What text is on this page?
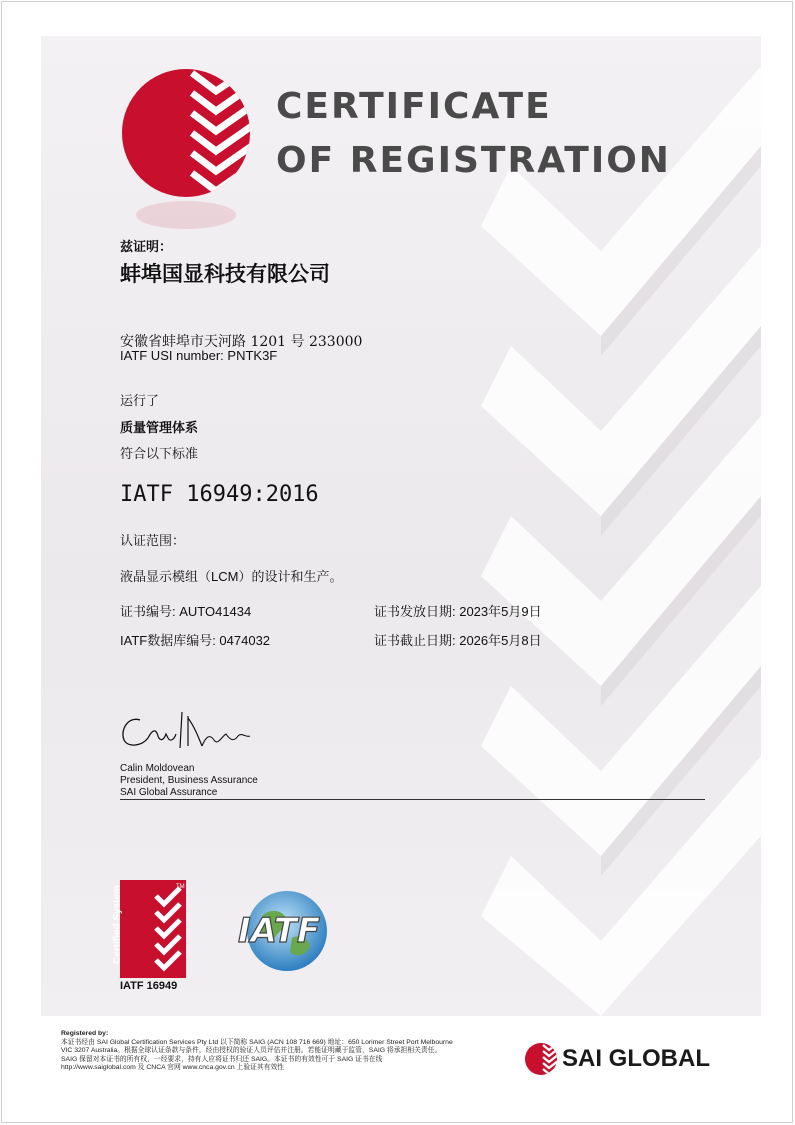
CERTIFICATE
OF REGISTRATION
兹证明：
蚌埠国显科技有限公司
安徽省蚌埠市天河路 1201 号 233000
IATF USI number: PNTK3F
运行了
质量管理体系
符合以下标准
IATF 16949:2016
认证范围：
液晶显示模组（LCM）的设计和生产。
证书编号: AUTO41434	证书发放日期: 2023年5月9日
IATF数据库编号: 0474032	证书截止日期: 2026年5月8日
Calin Moldovean
President, Business Assurance
SAI Global Assurance
Certified System	TM
IATF 16949
IATF
Registered by:
本证书经由 SAI Global Certification Services Pty Ltd 以下简称 SAIG (ACN 108 716 669) 地址：650 Lorimer Street Port Melbourne
VIC 3207 Australia。根据全球认证条款与条件，经由授权的验证人员评估并注册。若能证明藏于监管，SAIG 将承担相关责任。
SAIG 保留对本证书的所有权，一经要求，持有人应将证书归还 SAIG。本证书的有效性可于 SAIG 证书在线
http://www.saiglobal.com 及 CNCA 官网 www.cnca.gov.cn 上验证其有效性	SAI GLOBAL
